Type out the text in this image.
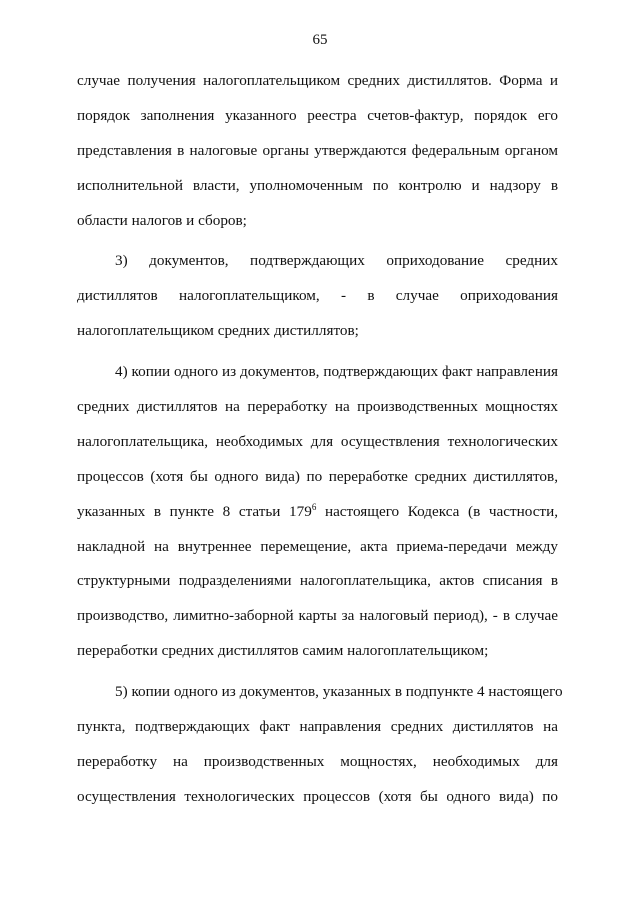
65
случае получения налогоплательщиком средних дистиллятов. Форма и
порядок заполнения указанного реестра счетов-фактур, порядок его
представления в налоговые органы утверждаются федеральным органом
исполнительной власти, уполномоченным по контролю и надзору в
области налогов и сборов;
3) документов, подтверждающих оприходование средних
дистиллятов налогоплательщиком, - в случае оприходования
налогоплательщиком средних дистиллятов;
4) копии одного из документов, подтверждающих факт направления
средних дистиллятов на переработку на производственных мощностях
налогоплательщика, необходимых для осуществления технологических
процессов (хотя бы одного вида) по переработке средних дистиллятов,
указанных в пункте 8 статьи $179^6$ настоящего Кодекса (в частности,
накладной на внутреннее перемещение, акта приема-передачи между
структурными подразделениями налогоплательщика, актов списания в
производство, лимитно-заборной карты за налоговый период), - в случае
переработки средних дистиллятов самим налогоплательщиком;
5) копии одного из документов, указанных в подпункте 4 настоящего
пункта, подтверждающих факт направления средних дистиллятов на
переработку на производственных мощностях, необходимых для
осуществления технологических процессов (хотя бы одного вида) по
